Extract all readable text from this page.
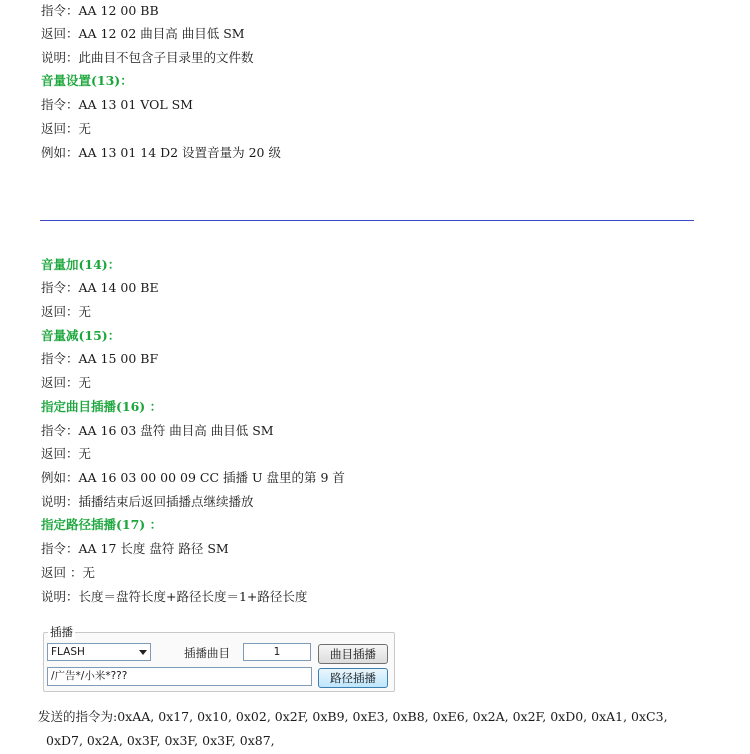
指令：AA 12 00 BB
返回：AA 12 02 曲目高 曲目低 SM
说明：此曲目不包含子目录里的文件数
音量设置(13)：
指令：AA 13 01 VOL SM
返回：无
例如：AA 13 01 14 D2 设置音量为 20 级
音量加(14)：
指令：AA 14 00 BE
返回：无
音量减(15)：
指令：AA 15 00 BF
返回：无
指定曲目插播(16) ：
指令：AA 16 03 盘符 曲目高 曲目低 SM
返回：无
例如：AA 16 03 00 00 09 CC 插播 U 盘里的第 9 首
说明：插播结束后返回插播点继续播放
指定路径插播(17) ：
指令：AA 17 长度 盘符 路径 SM
返回 ：无
说明：长度＝盘符长度+路径长度＝1+路径长度
插播
FLASH	插播曲目	1	曲目插播
/广告*/小米*???	路径插播
发送的指令为:0xAA, 0x17, 0x10, 0x02, 0x2F, 0xB9, 0xE3, 0xB8, 0xE6, 0x2A, 0x2F, 0xD0, 0xA1, 0xC3,
0xD7, 0x2A, 0x3F, 0x3F, 0x3F, 0x87,
